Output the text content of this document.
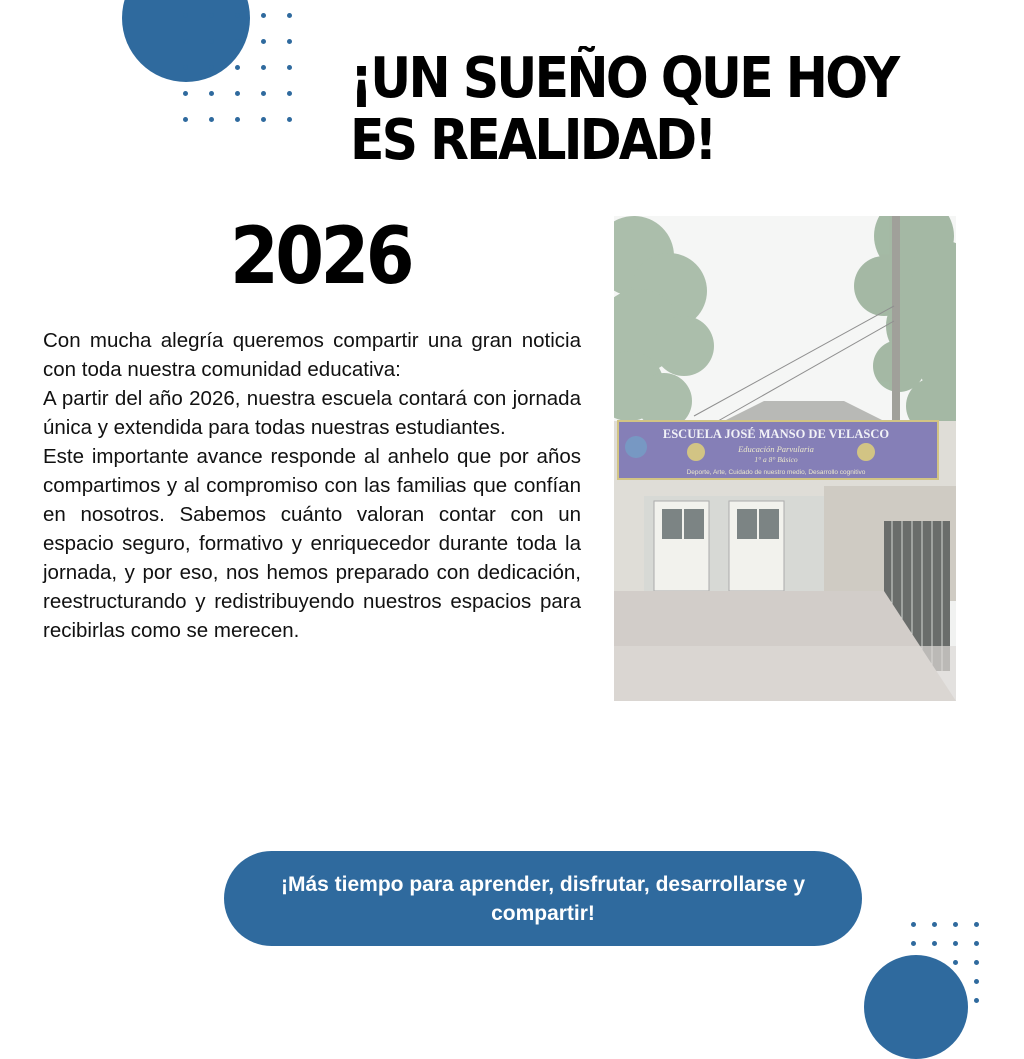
¡UN SUEÑO QUE HOY ES REALIDAD!
2026

Con mucha alegría queremos compartir una gran noticia con toda nuestra comunidad educativa:

A partir del año 2026, nuestra escuela contará con jornada única y extendida para todas nuestras estudiantes.

Este importante avance responde al anhelo que por años compartimos y al compromiso con las familias que confían en nosotros. Sabemos cuánto valoran contar con un espacio seguro, formativo y enriquecedor durante toda la jornada, y por eso, nos hemos preparado con dedicación, reestructurando y redistribuyendo nuestros espacios para recibirlas como se merecen.

ESCUELA JOSÉ MANSO DE VELASCO
Educación Parvularia
1° a 8° Básico
Deporte, Arte, Cuidado de nuestro medio, Desarrollo cognitivo
¡Más tiempo para aprender, disfrutar, desarrollarse y compartir!
